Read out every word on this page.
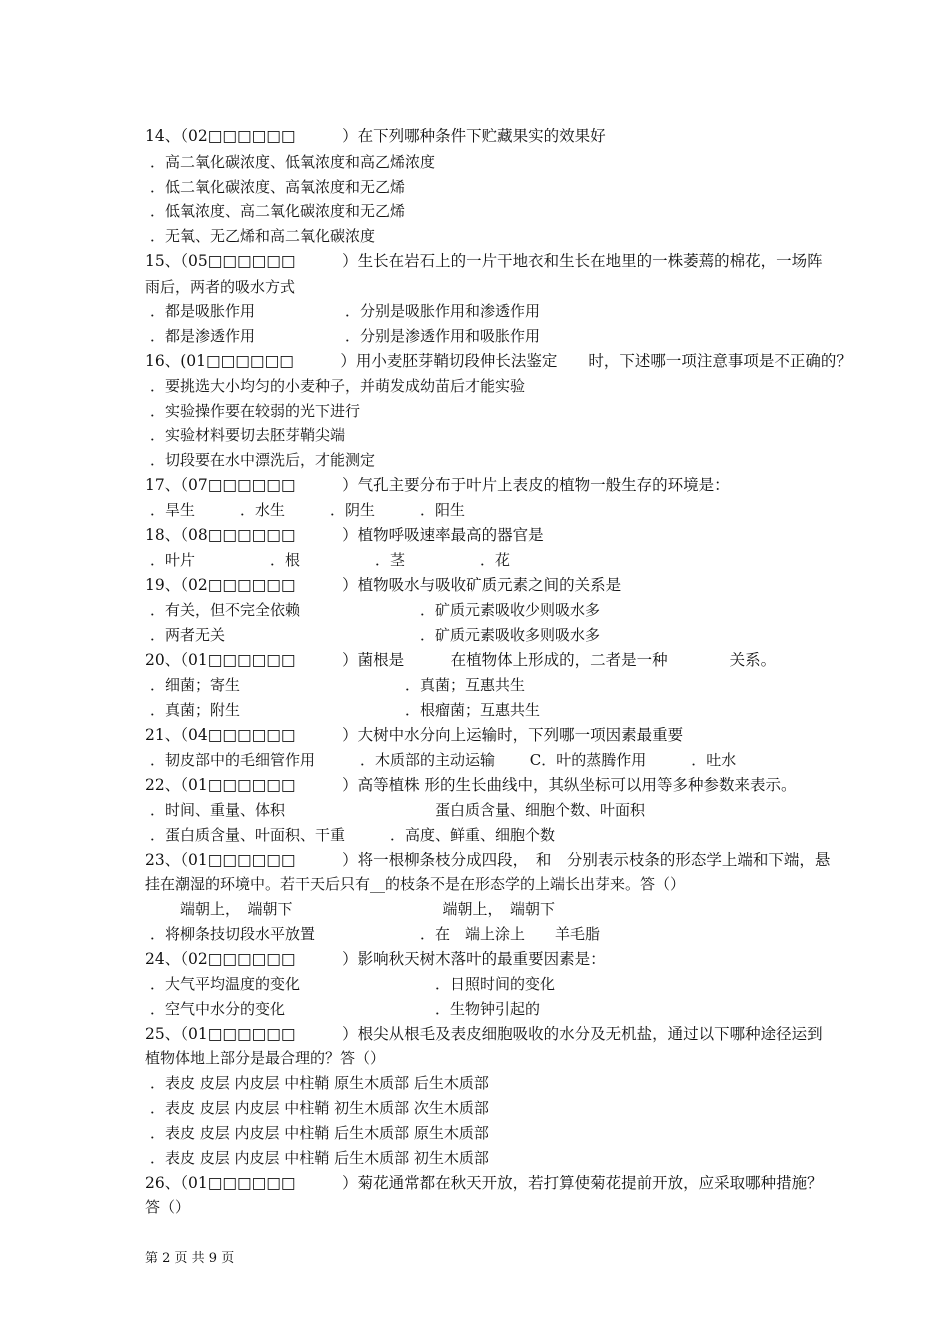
14、（02□□□□□□　　　）在下列哪种条件下贮藏果实的效果好
．高二氧化碳浓度、低氧浓度和高乙烯浓度
．低二氧化碳浓度、高氧浓度和无乙烯
．低氧浓度、高二氧化碳浓度和无乙烯
．无氧、无乙烯和高二氧化碳浓度
15、（05□□□□□□　　　）生长在岩石上的一片干地衣和生长在地里的一株萎蔫的棉花，一场阵
雨后，两者的吸水方式
．都是吸胀作用　　　　　　．分别是吸胀作用和渗透作用
．都是渗透作用　　　　　　．分别是渗透作用和吸胀作用
16、(01□□□□□□　　　）用小麦胚芽鞘切段伸长法鉴定　　时，下述哪一项注意事项是不正确的？
．要挑选大小均匀的小麦种子，并萌发成幼苗后才能实验
．实验操作要在较弱的光下进行
．实验材料要切去胚芽鞘尖端
．切段要在水中漂洗后，才能测定
17、（07□□□□□□　　　）气孔主要分布于叶片上表皮的植物一般生存的环境是：
．旱生　　　．水生　　　．阴生　　　．阳生
18、（08□□□□□□　　　）植物呼吸速率最高的器官是
．叶片　　　　　．根　　　　　．茎　　　　　．花
19、（02□□□□□□　　　）植物吸水与吸收矿质元素之间的关系是
．有关，但不完全依赖　　　　　　　　．矿质元素吸收少则吸水多
．两者无关　　　　　　　　　　　　　．矿质元素吸收多则吸水多
20、（01□□□□□□　　　）菌根是　　　在植物体上形成的，二者是一种　　　　关系。
．细菌；寄生　　　　　　　　　　　．真菌；互惠共生
．真菌；附生　　　　　　　　　　　．根瘤菌；互惠共生
21、（04□□□□□□　　　）大树中水分向上运输时，下列哪一项因素最重要
．韧皮部中的毛细管作用　　　．木质部的主动运输　　 C．叶的蒸腾作用　　　．吐水
22、（01□□□□□□　　　）高等植株 形的生长曲线中，其纵坐标可以用等多种参数来表示。
．时间、重量、体积　　　　　　　　　　蛋白质含量、细胞个数、叶面积
．蛋白质含量、叶面积、干重　　　．高度、鲜重、细胞个数
23、（01□□□□□□　　　）将一根柳条枝分成四段，　和　分别表示枝条的形态学上端和下端，悬
挂在潮湿的环境中。若干天后只有__的枝条不是在形态学的上端长出芽来。答（）
　　端朝上，　端朝下　　　　　　　　　　端朝上，　端朝下
．将柳条技切段水平放置　　　　　　　．在　端上涂上　　羊毛脂
24、（02□□□□□□　　　）影响秋天树木落叶的最重要因素是：
．大气平均温度的变化　　　　　　　　　．日照时间的变化
．空气中水分的变化　　　　　　　　　　．生物钟引起的
25、（01□□□□□□　　　）根尖从根毛及表皮细胞吸收的水分及无机盐，通过以下哪种途径运到
植物体地上部分是最合理的？答（）
．表皮 皮层 内皮层 中柱鞘 原生木质部 后生木质部
．表皮 皮层 内皮层 中柱鞘 初生木质部 次生木质部
．表皮 皮层 内皮层 中柱鞘 后生木质部 原生木质部
．表皮 皮层 内皮层 中柱鞘 后生木质部 初生木质部
26、（01□□□□□□　　　）菊花通常都在秋天开放，若打算使菊花提前开放，应采取哪种措施？
答（）
第 2 页 共 9 页
